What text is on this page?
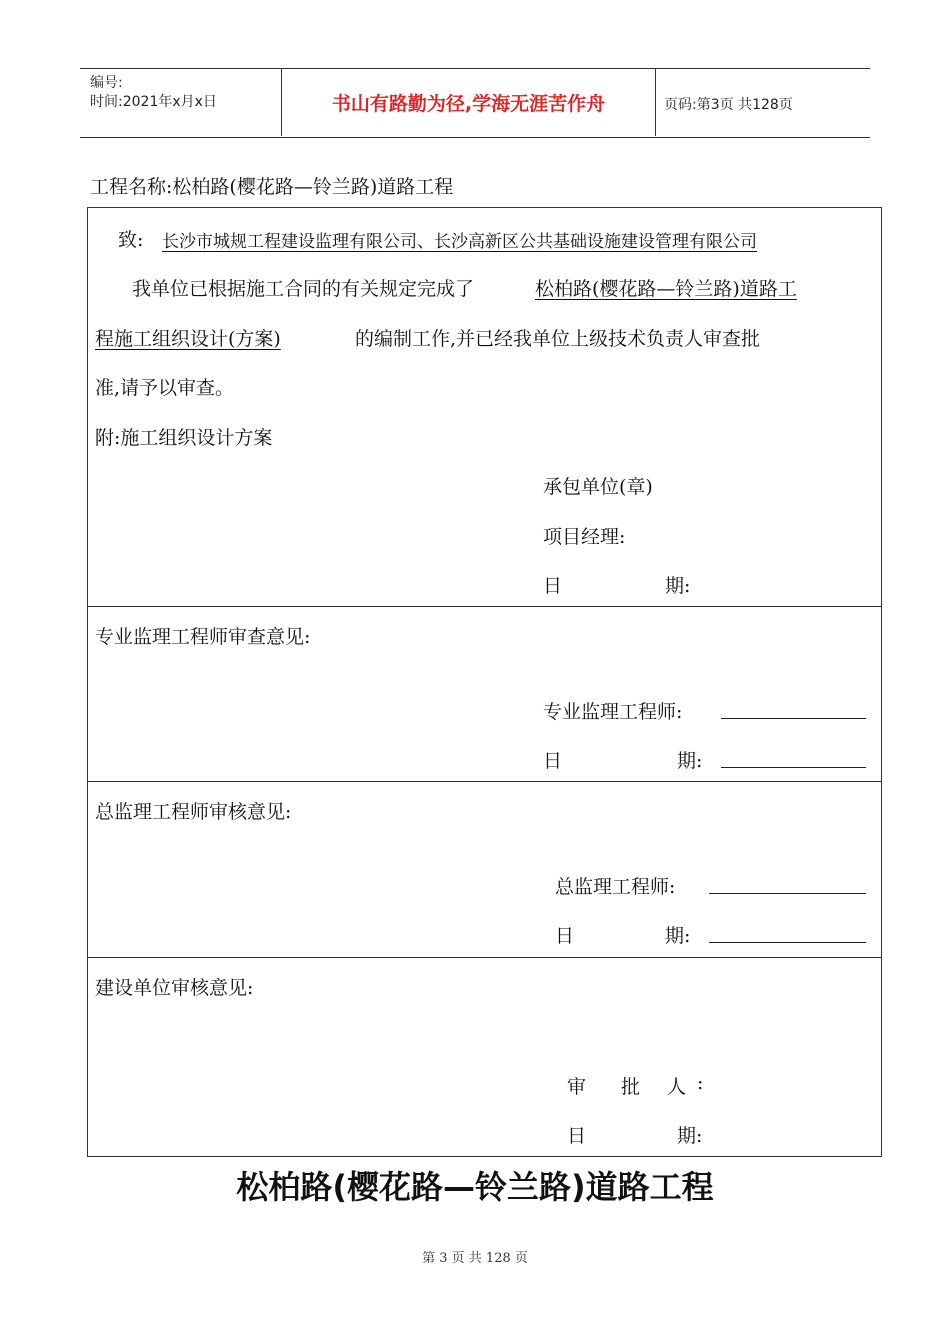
编号:
时间:2021年x月x日	书山有路勤为径,学海无涯苦作舟	页码:第3页 共128页
工程名称:松柏路(樱花路—铃兰路)道路工程
致: 长沙市城规工程建设监理有限公司、长沙高新区公共基础设施建设管理有限公司
我单位已根据施工合同的有关规定完成了	松柏路(樱花路—铃兰路)道路工
程施工组织设计(方案)	的编制工作,并已经我单位上级技术负责人审查批
准,请予以审查。
附:施工组织设计方案
承包单位(章)
项目经理:
日	期:
专业监理工程师审查意见:
专业监理工程师:
日	期:
总监理工程师审核意见:
总监理工程师:
日	期:
建设单位审核意见:
审 批 人 :
日	期:
松柏路(樱花路—铃兰路)道路工程
第 3 页 共 128 页
